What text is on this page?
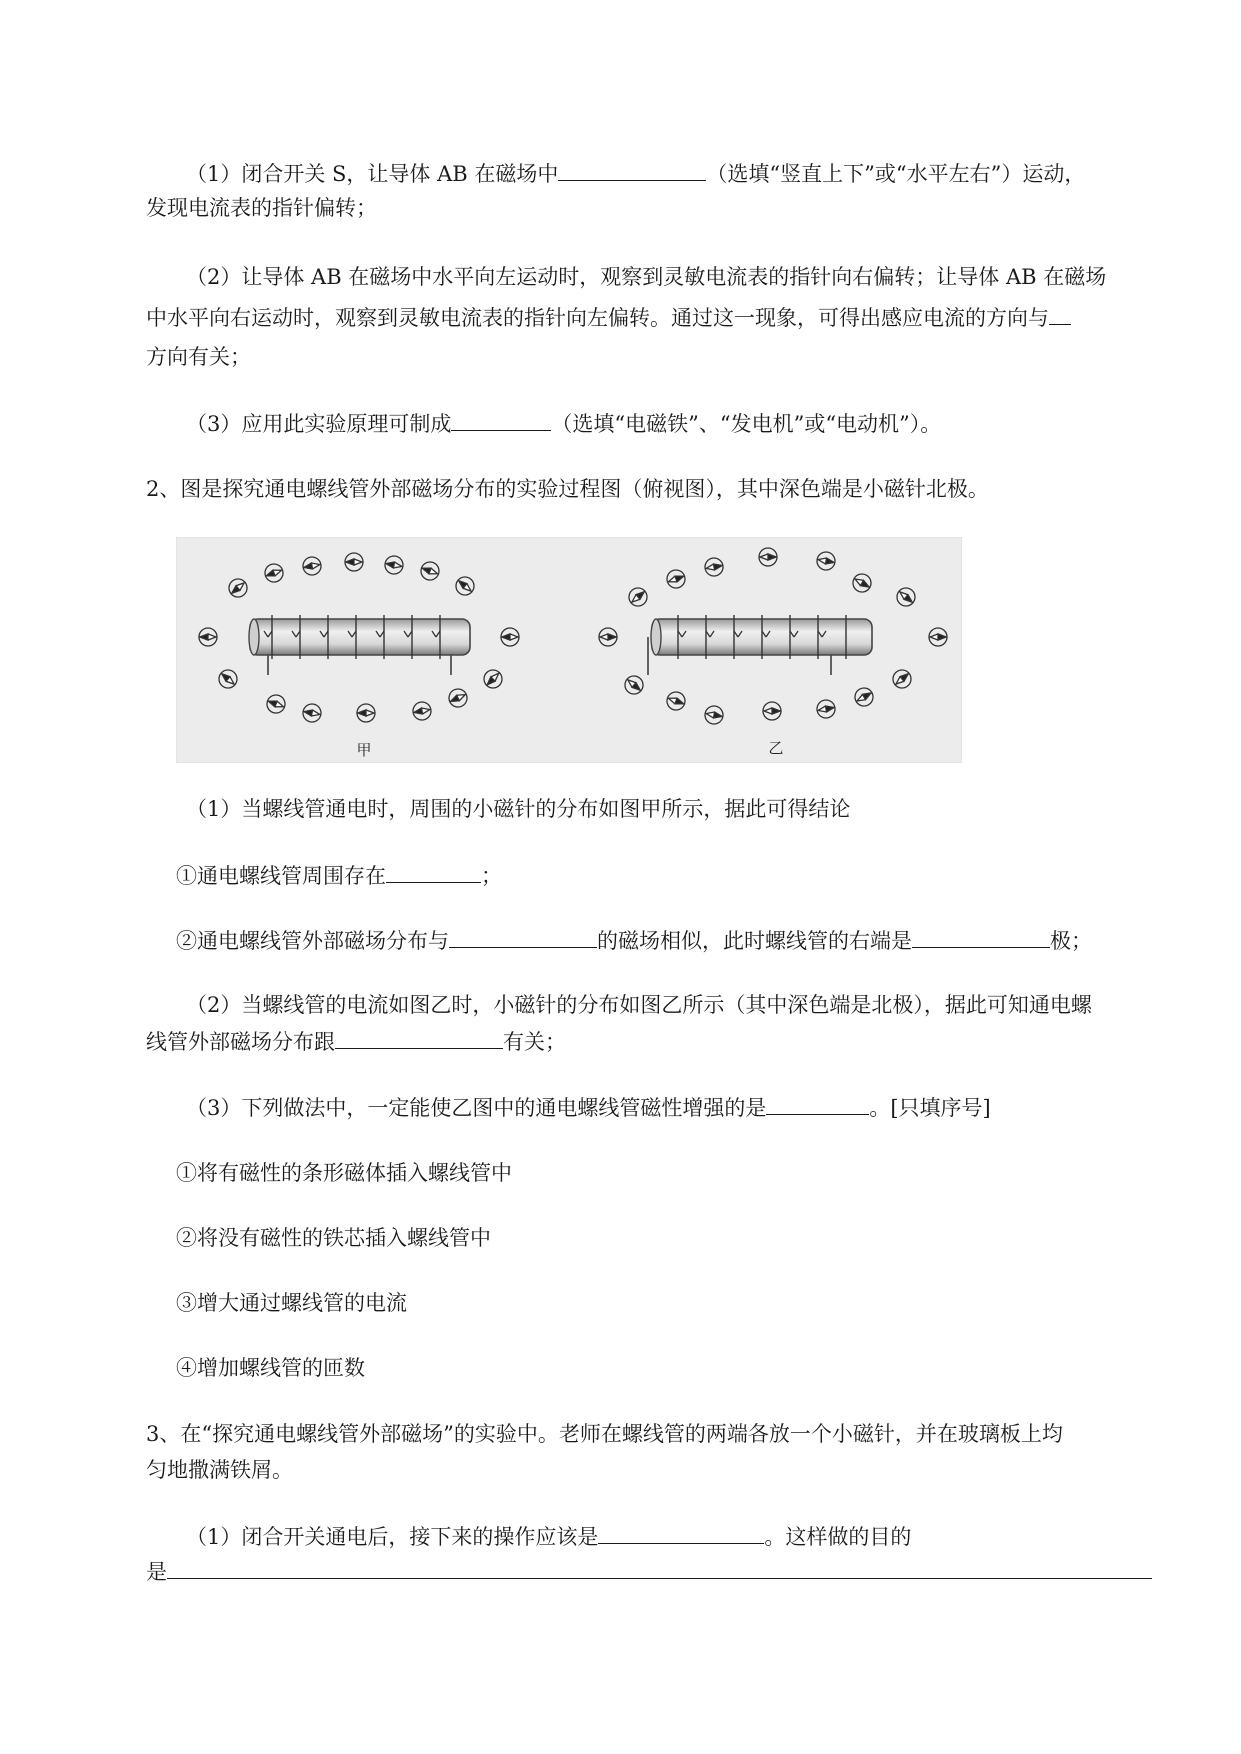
（1）闭合开关 S，让导体 AB 在磁场中	（选填“竖直上下”或“水平左右”）运动，
发现电流表的指针偏转；
（2）让导体 AB 在磁场中水平向左运动时，观察到灵敏电流表的指针向右偏转；让导体 AB 在磁场
中水平向右运动时，观察到灵敏电流表的指针向左偏转。通过这一现象，可得出感应电流的方向与
方向有关；
（3）应用此实验原理可制成	（选填“电磁铁”、“发电机”或“电动机”）。
2、图是探究通电螺线管外部磁场分布的实验过程图（俯视图），其中深色端是小磁针北极。
甲	乙
（1）当螺线管通电时，周围的小磁针的分布如图甲所示，据此可得结论
①通电螺线管周围存在	；
②通电螺线管外部磁场分布与	的磁场相似，此时螺线管的右端是	极；
（2）当螺线管的电流如图乙时，小磁针的分布如图乙所示（其中深色端是北极），据此可知通电螺
线管外部磁场分布跟	有关；
（3）下列做法中，一定能使乙图中的通电螺线管磁性增强的是	。[只填序号]
①将有磁性的条形磁体插入螺线管中
②将没有磁性的铁芯插入螺线管中
③增大通过螺线管的电流
④增加螺线管的匝数
3、在“探究通电螺线管外部磁场”的实验中。老师在螺线管的两端各放一个小磁针，并在玻璃板上均
匀地撒满铁屑。
（1）闭合开关通电后，接下来的操作应该是	。这样做的目的
是
